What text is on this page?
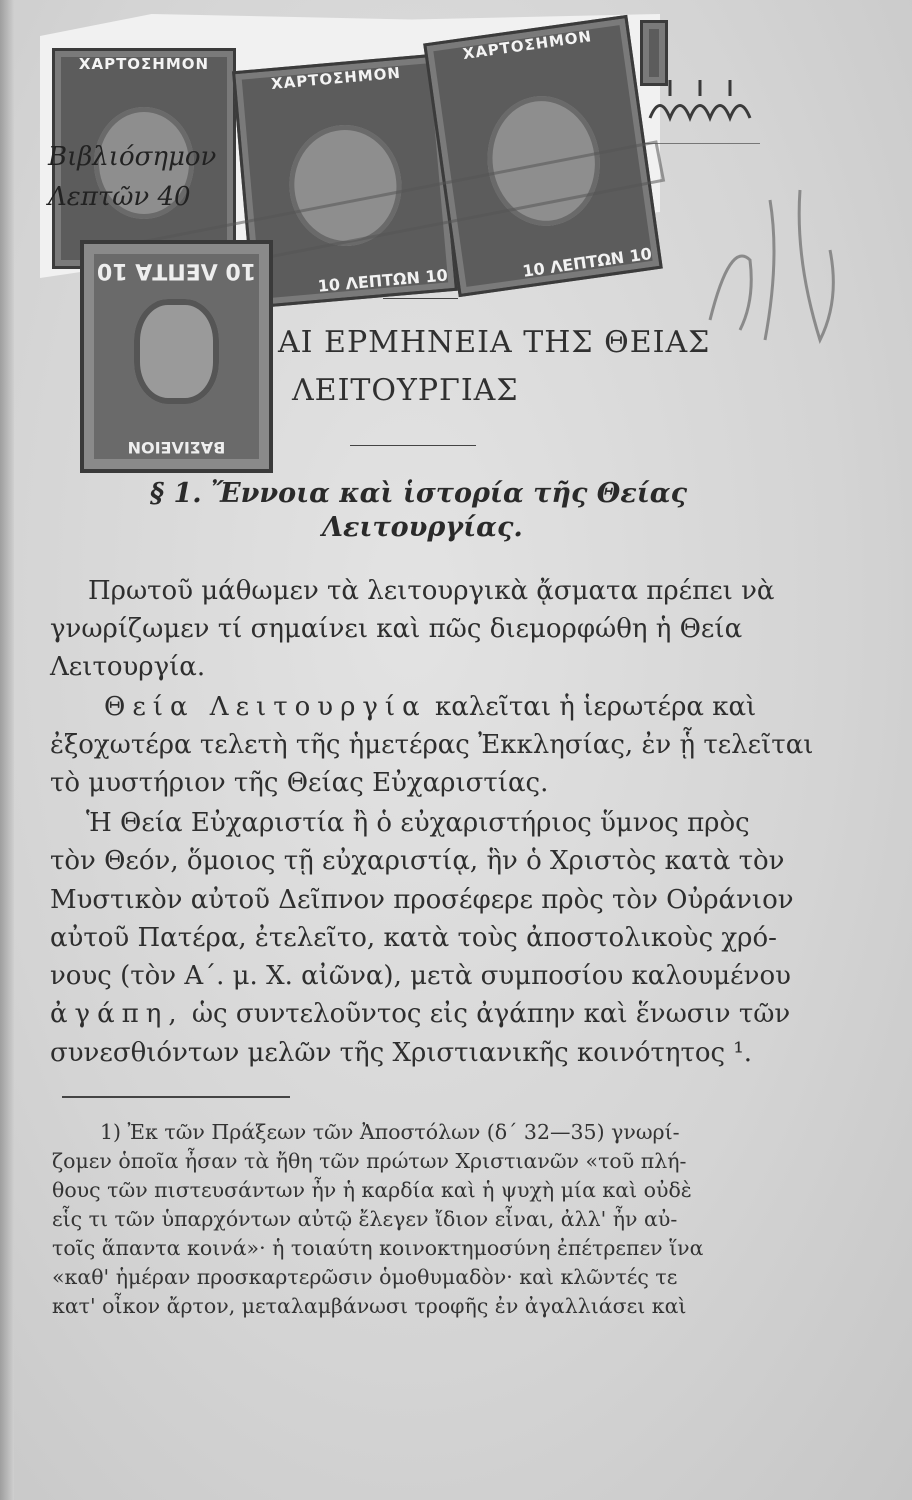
ΧΑΡΤΟΣΗΜΟΝ	ΧΑΡΤΟΣΗΜΟΝ
10 ΛΕΠΤΩΝ 10
ΧΑΡΤΟΣΗΜΟΝ
10 ΛΕΠΤΩΝ 10
Βιβλιόσημον
Λεπτῶν 40
10 ΛΕΠΤΑ 10
ΒΑΣΙΛΕΙΟΝ
ΑΙ ΕΡΜΗΝΕΙΑ ΤΗΣ ΘΕΙΑΣ
ΛΕΙΤΟΥΡΓΙΑΣ
§ 1. Ἔννοια καὶ ἱστορία τῆς Θείας
Λειτουργίας.
Πρωτοῦ μάθωμεν τὰ λειτουργικὰ ᾄσματα πρέπει νὰ
γνωρίζωμεν τί σημαίνει καὶ πῶς διεμορφώθη ἡ Θεία
Λειτουργία.
Θεία Λειτουργία καλεῖται ἡ ἱερωτέρα καὶ
ἐξοχωτέρα τελετὴ τῆς ἡμετέρας Ἐκκλησίας, ἐν ᾗ τελεῖται
τὸ μυστήριον τῆς Θείας Εὐχαριστίας.
Ἡ Θεία Εὐχαριστία ἢ ὁ εὐχαριστήριος ὕμνος πρὸς
τὸν Θεόν, ὅμοιος τῇ εὐχαριστίᾳ, ἣν ὁ Χριστὸς κατὰ τὸν
Μυστικὸν αὐτοῦ Δεῖπνον προσέφερε πρὸς τὸν Οὐράνιον
αὐτοῦ Πατέρα, ἐτελεῖτο, κατὰ τοὺς ἀποστολικοὺς χρό-
νους (τὸν Α΄. μ. Χ. αἰῶνα), μετὰ συμποσίου καλουμένου
ἀγάπη, ὡς συντελοῦντος εἰς ἀγάπην καὶ ἕνωσιν τῶν
συνεσθιόντων μελῶν τῆς Χριστιανικῆς κοινότητος ¹.
1) Ἐκ τῶν Πράξεων τῶν Ἀποστόλων (δ΄ 32—35) γνωρί-
ζομεν ὁποῖα ἦσαν τὰ ἤθη τῶν πρώτων Χριστιανῶν «τοῦ πλή-
θους τῶν πιστευσάντων ἦν ἡ καρδία καὶ ἡ ψυχὴ μία καὶ οὐδὲ
εἷς τι τῶν ὑπαρχόντων αὐτῷ ἔλεγεν ἴδιον εἶναι, ἀλλ' ἦν αὐ-
τοῖς ἅπαντα κοινά»· ἡ τοιαύτη κοινοκτημοσύνη ἐπέτρεπεν ἵνα
«καθ' ἡμέραν προσκαρτερῶσιν ὁμοθυμαδὸν· καὶ κλῶντές τε
κατ' οἶκον ἄρτον, μεταλαμβάνωσι τροφῆς ἐν ἀγαλλιάσει καὶ
